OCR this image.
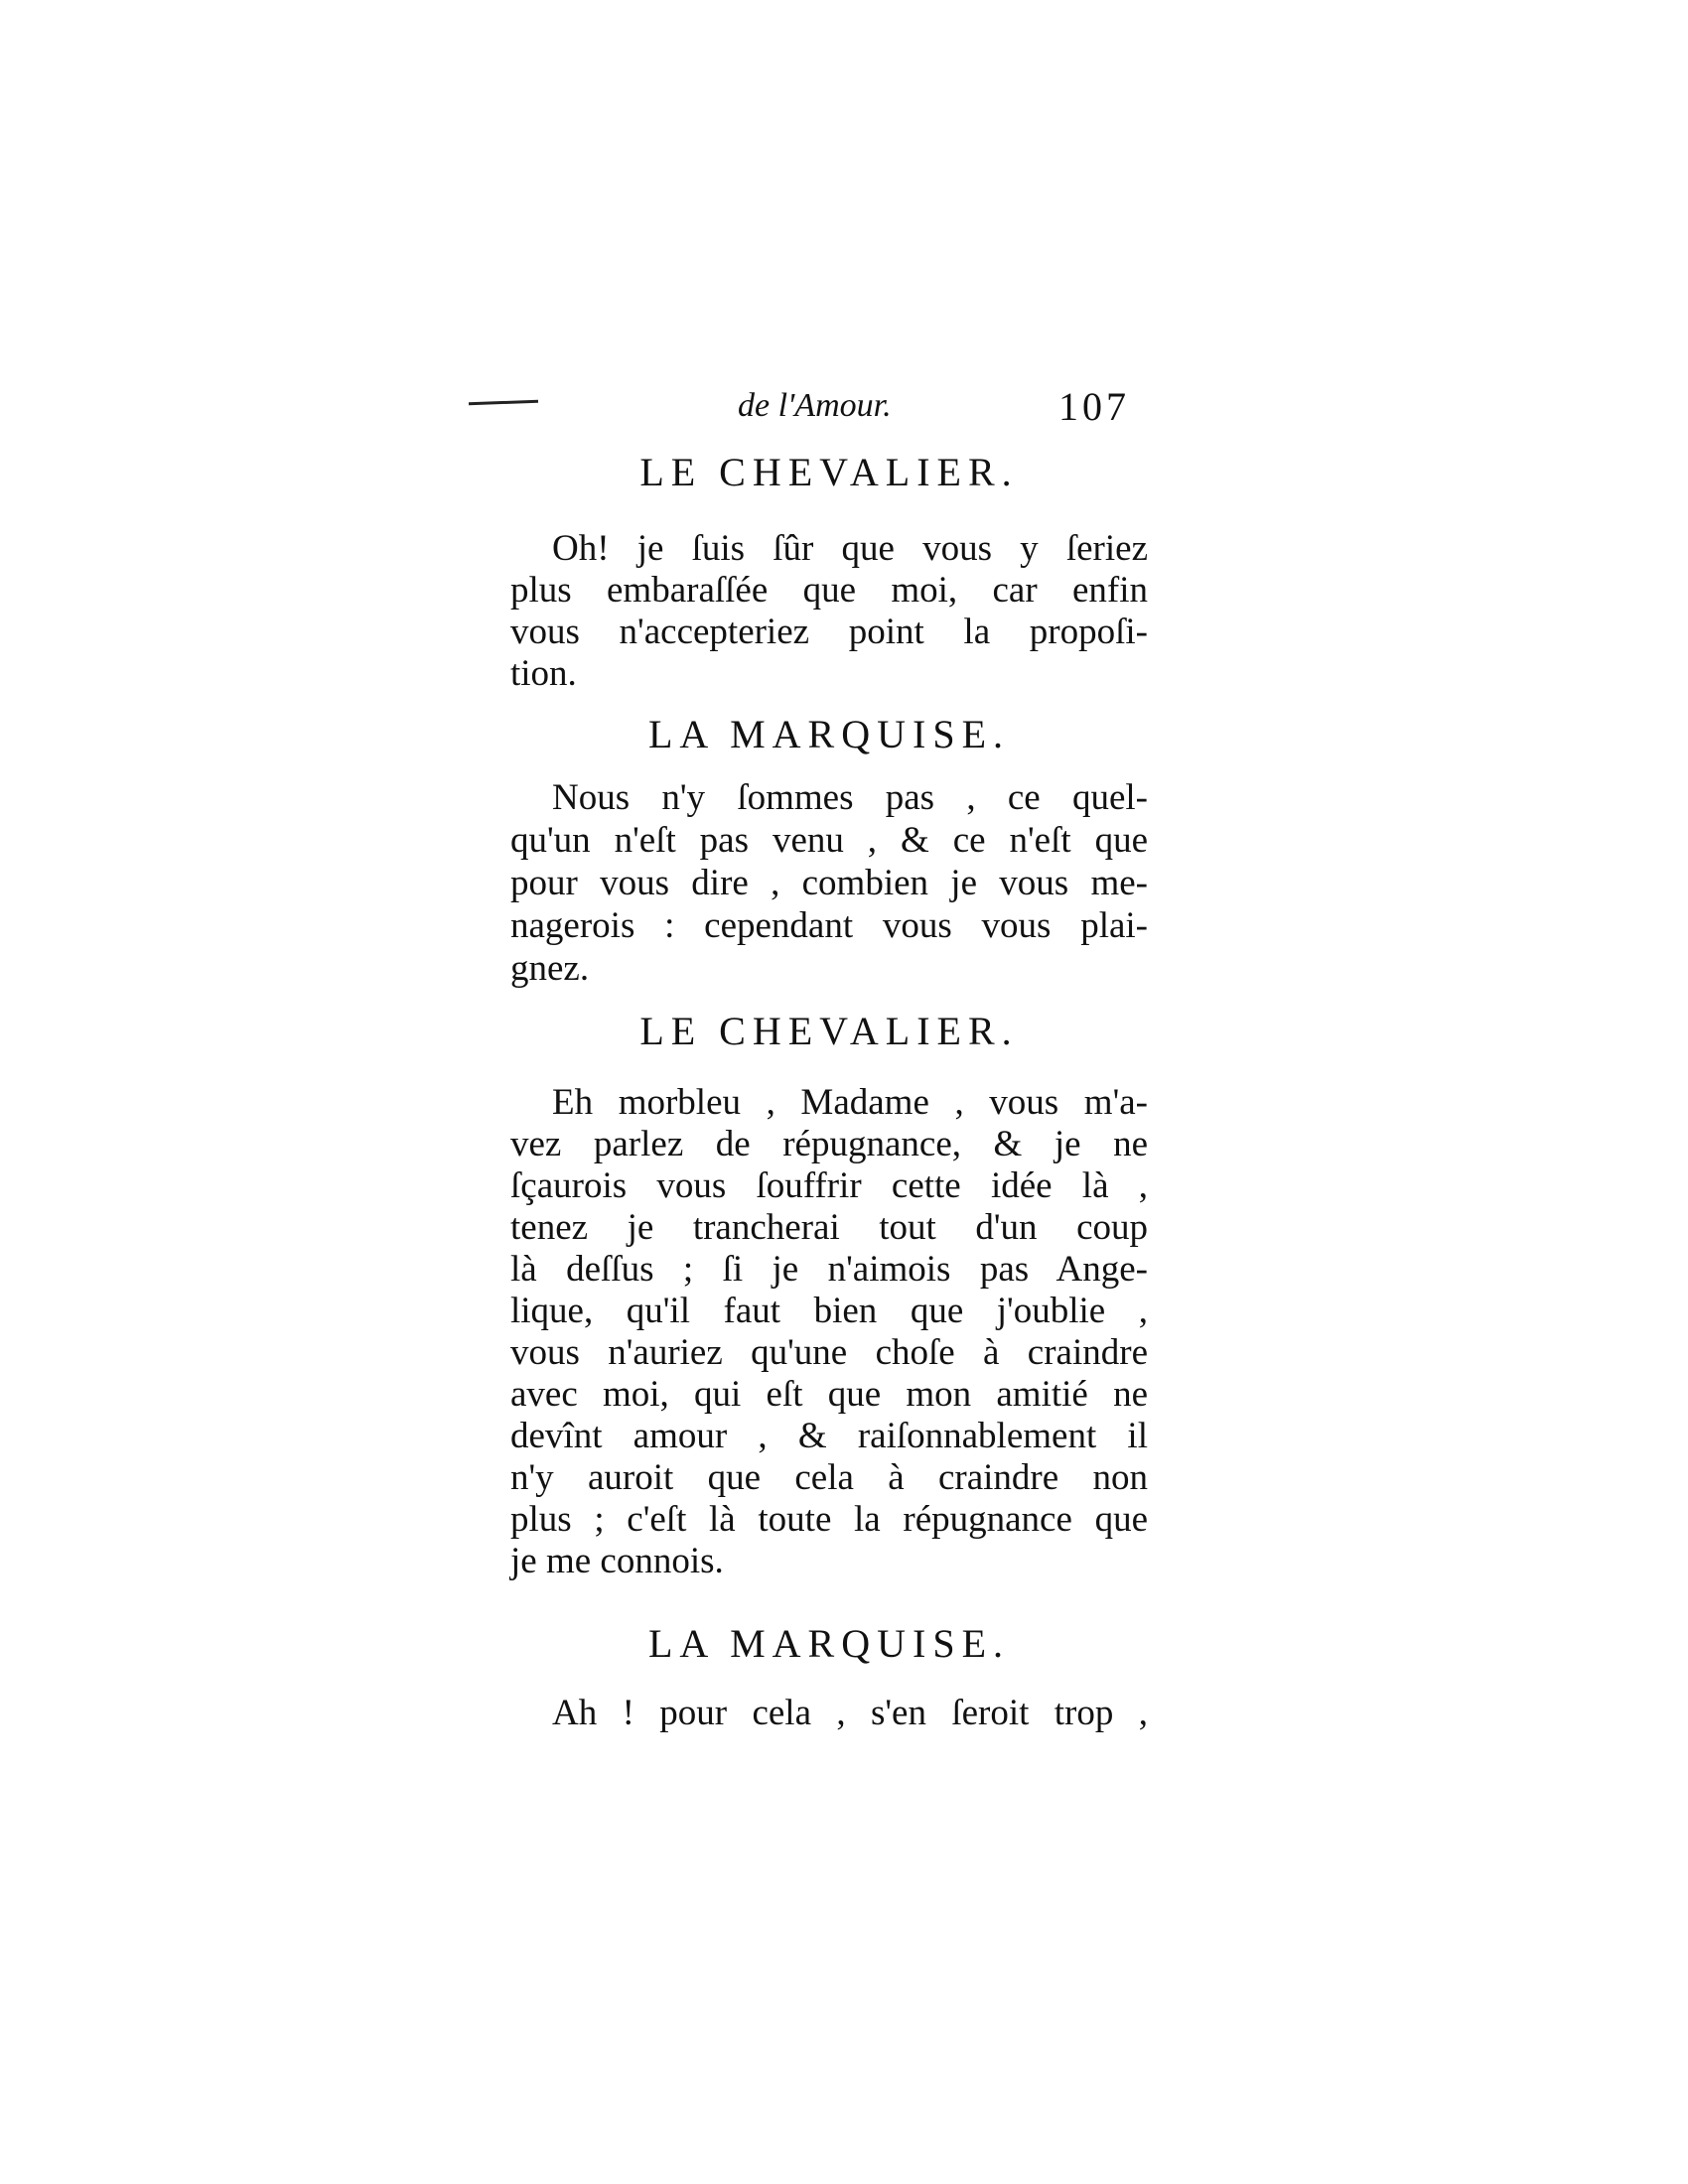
de l'Amour.	107
LE CHEVALIER.
Oh! je ſuis ſûr que vous y ſeriez
plus embaraſſée que moi, car enfin
vous n'accepteriez point la propoſi-
tion.
LA MARQUISE.
Nous n'y ſommes pas , ce quel-
qu'un n'eſt pas venu , & ce n'eſt que
pour vous dire , combien je vous me-
nagerois : cependant vous vous plai-
gnez.
LE CHEVALIER.
Eh morbleu , Madame , vous m'a-
vez parlez de répugnance, & je ne
ſçaurois vous ſouffrir cette idée là ,
tenez je trancherai tout d'un coup
là deſſus ; ſi je n'aimois pas Ange-
lique, qu'il faut bien que j'oublie ,
vous n'auriez qu'une choſe à craindre
avec moi, qui eſt que mon amitié ne
devînt amour , & raiſonnablement il
n'y auroit que cela à craindre non
plus ; c'eſt là toute la répugnance que
je me connois.
LA MARQUISE.
Ah ! pour cela , s'en ſeroit trop ,
